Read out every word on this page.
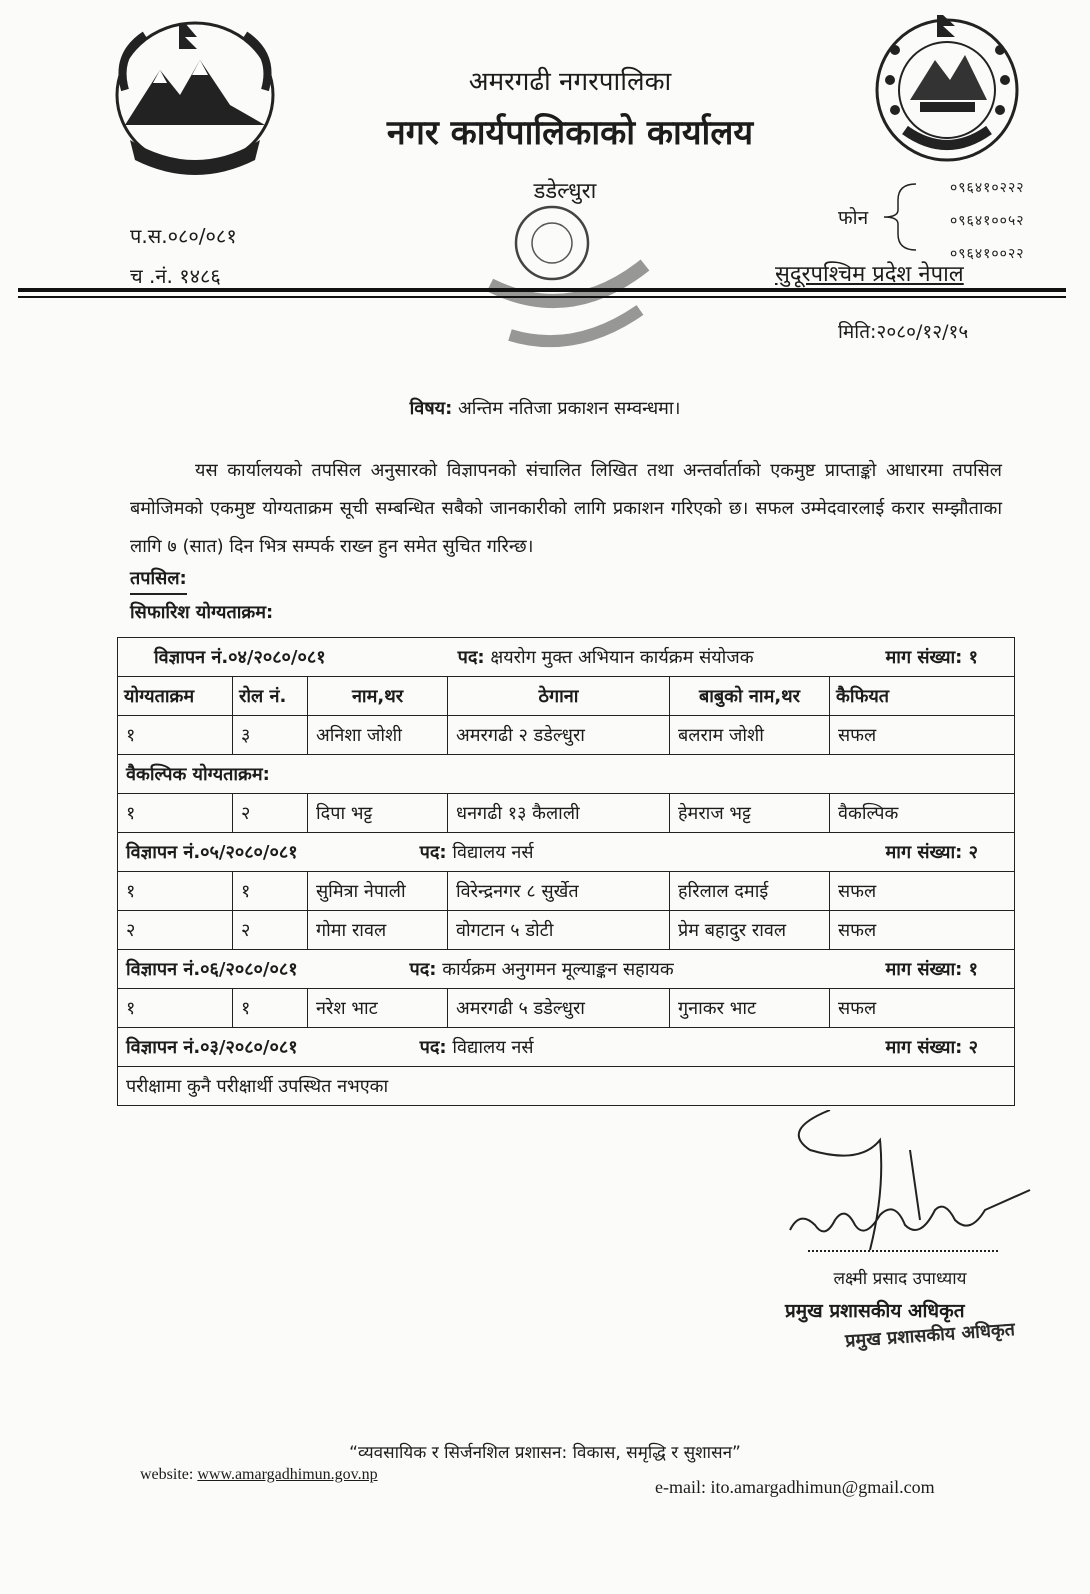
अमरगढी नगरपालिका
नगर कार्यपालिकाको कार्यालय
डडेल्धुरा
प.स.०८०/०८१
च .नं. १४८६
फोन
०९६४१०२२२
०९६४१००५२
०९६४१००२२
सुदूरपश्चिम प्रदेश नेपाल
मिति:२०८०/१२/१५
विषय: अन्तिम नतिजा प्रकाशन सम्वन्धमा।

यस कार्यालयको तपसिल अनुसारको विज्ञापनको संचालित लिखित तथा अन्तर्वार्ताको एकमुष्ट प्राप्ताङ्को आधारमा तपसिल बमोजिमको एकमुष्ट योग्यताक्रम सूची सम्बन्धित सबैको जानकारीको लागि प्रकाशन गरिएको छ। सफल उम्मेदवारलाई करार सम्झौताका लागि ७ (सात) दिन भित्र सम्पर्क राख्न हुन समेत सुचित गरिन्छ।

तपसिल:
सिफारिश योग्यताक्रम:
विज्ञापन नं.०४/२०८०/०८१ पद: क्षयरोग मुक्त अभियान कार्यक्रम संयोजक माग संख्या: १					

योग्यताक्रम	रोल नं.	नाम,थर	ठेगाना	बाबुको नाम,थर	कैफियत
१	३	अनिशा जोशी	अमरगढी २ डडेल्धुरा	बलराम जोशी	सफल
वैकल्पिक योग्यताक्रम:					
१	२	दिपा भट्ट	धनगढी १३ कैलाली	हेमराज भट्ट	वैकल्पिक

विज्ञापन नं.०५/२०८०/०८१ पद: विद्यालय नर्स माग संख्या: २					

१	१	सुमित्रा नेपाली	विरेन्द्रनगर ८ सुर्खेत	हरिलाल दमाई	सफल
२	२	गोमा रावल	वोगटान ५ डोटी	प्रेम बहादुर रावल	सफल

विज्ञापन नं.०६/२०८०/०८१ पद: कार्यक्रम अनुगमन मूल्याङ्कन सहायक माग संख्या: १					

१	१	नरेश भाट	अमरगढी ५ डडेल्धुरा	गुनाकर भाट	सफल

विज्ञापन नं.०३/२०८०/०८१ पद: विद्यालय नर्स माग संख्या: २					

परीक्षामा कुनै परीक्षार्थी उपस्थित नभएका					
लक्ष्मी प्रसाद उपाध्याय
प्रमुख प्रशासकीय अधिकृत
प्रमुख प्रशासकीय अधिकृत
“व्यवसायिक र सिर्जनशिल प्रशासन: विकास, समृद्धि र सुशासन”
website: www.amargadhimun.gov.np
e-mail: ito.amargadhimun@gmail.com
